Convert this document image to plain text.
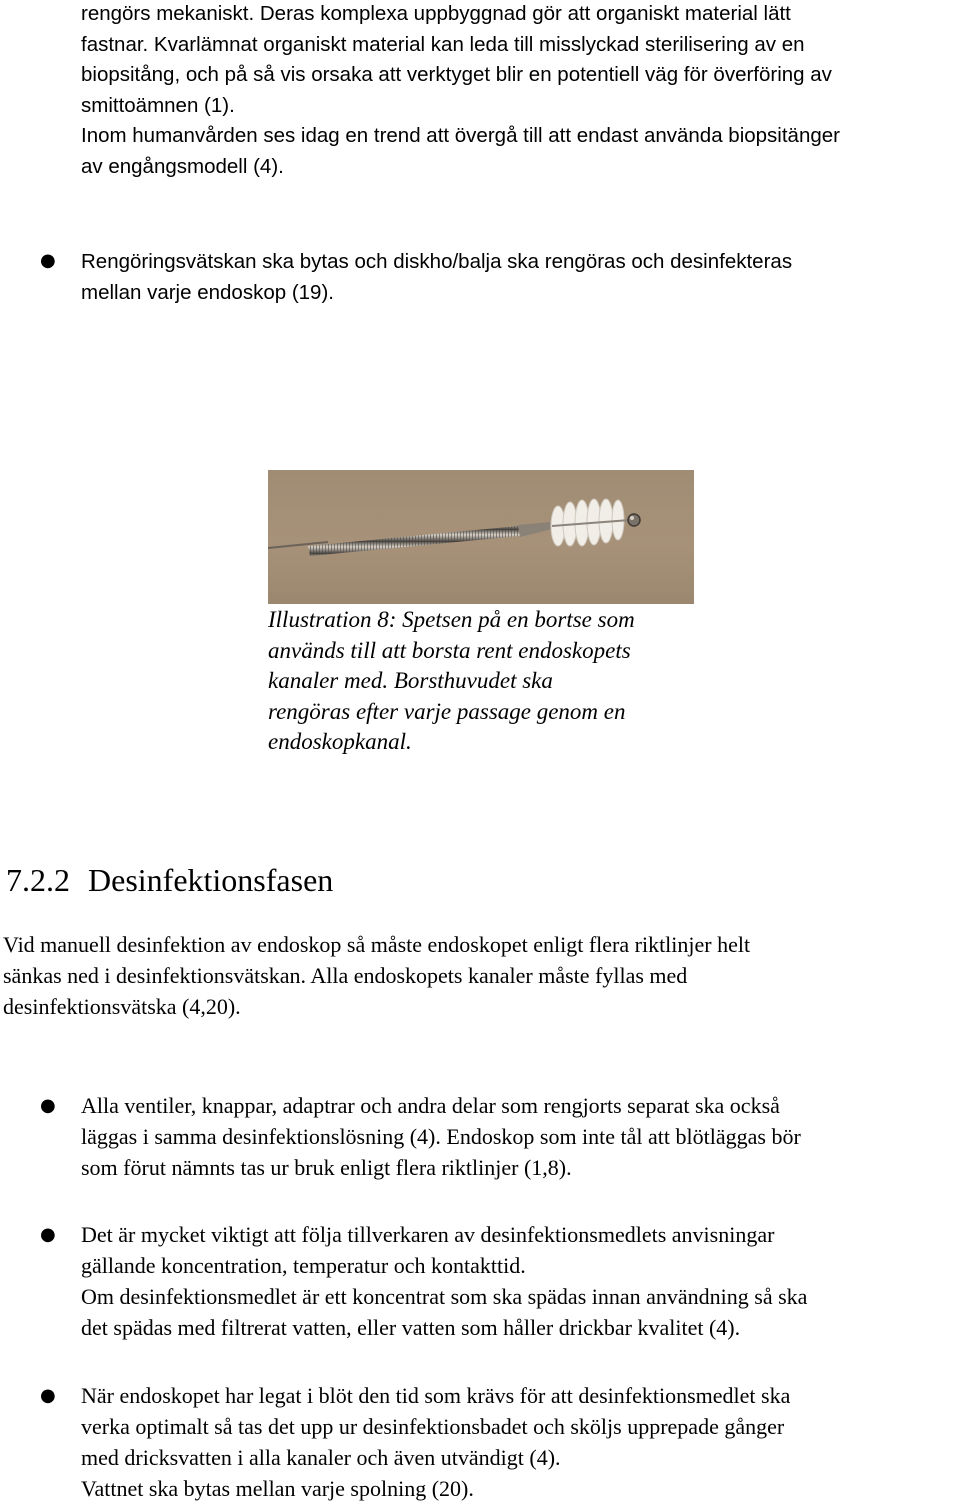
rengörs mekaniskt. Deras komplexa uppbyggnad gör att organiskt material lätt
fastnar. Kvarlämnat organiskt material kan leda till misslyckad sterilisering av en
biopsitång, och på så vis orsaka att verktyget blir en potentiell väg för överföring av
smittoämnen (1).
Inom humanvården ses idag en trend att övergå till att endast använda biopsitänger
av engångsmodell (4).
● Rengöringsvätskan ska bytas och diskho/balja ska rengöras och desinfekteras
mellan varje endoskop (19).
Illustration 8: Spetsen på en bortse som
används till att borsta rent endoskopets
kanaler med. Borsthuvudet ska
rengöras efter varje passage genom en
endoskopkanal.
7.2.2 Desinfektionsfasen
Vid manuell desinfektion av endoskop så måste endoskopet enligt flera riktlinjer helt
sänkas ned i desinfektionsvätskan. Alla endoskopets kanaler måste fyllas med
desinfektionsvätska (4,20).
● Alla ventiler, knappar, adaptrar och andra delar som rengjorts separat ska också
läggas i samma desinfektionslösning (4). Endoskop som inte tål att blötläggas bör
som förut nämnts tas ur bruk enligt flera riktlinjer (1,8).
● Det är mycket viktigt att följa tillverkaren av desinfektionsmedlets anvisningar
gällande koncentration, temperatur och kontakttid.
Om desinfektionsmedlet är ett koncentrat som ska spädas innan användning så ska
det spädas med filtrerat vatten, eller vatten som håller drickbar kvalitet (4).
● När endoskopet har legat i blöt den tid som krävs för att desinfektionsmedlet ska
verka optimalt så tas det upp ur desinfektionsbadet och sköljs upprepade gånger
med dricksvatten i alla kanaler och även utvändigt (4).
Vattnet ska bytas mellan varje spolning (20).
